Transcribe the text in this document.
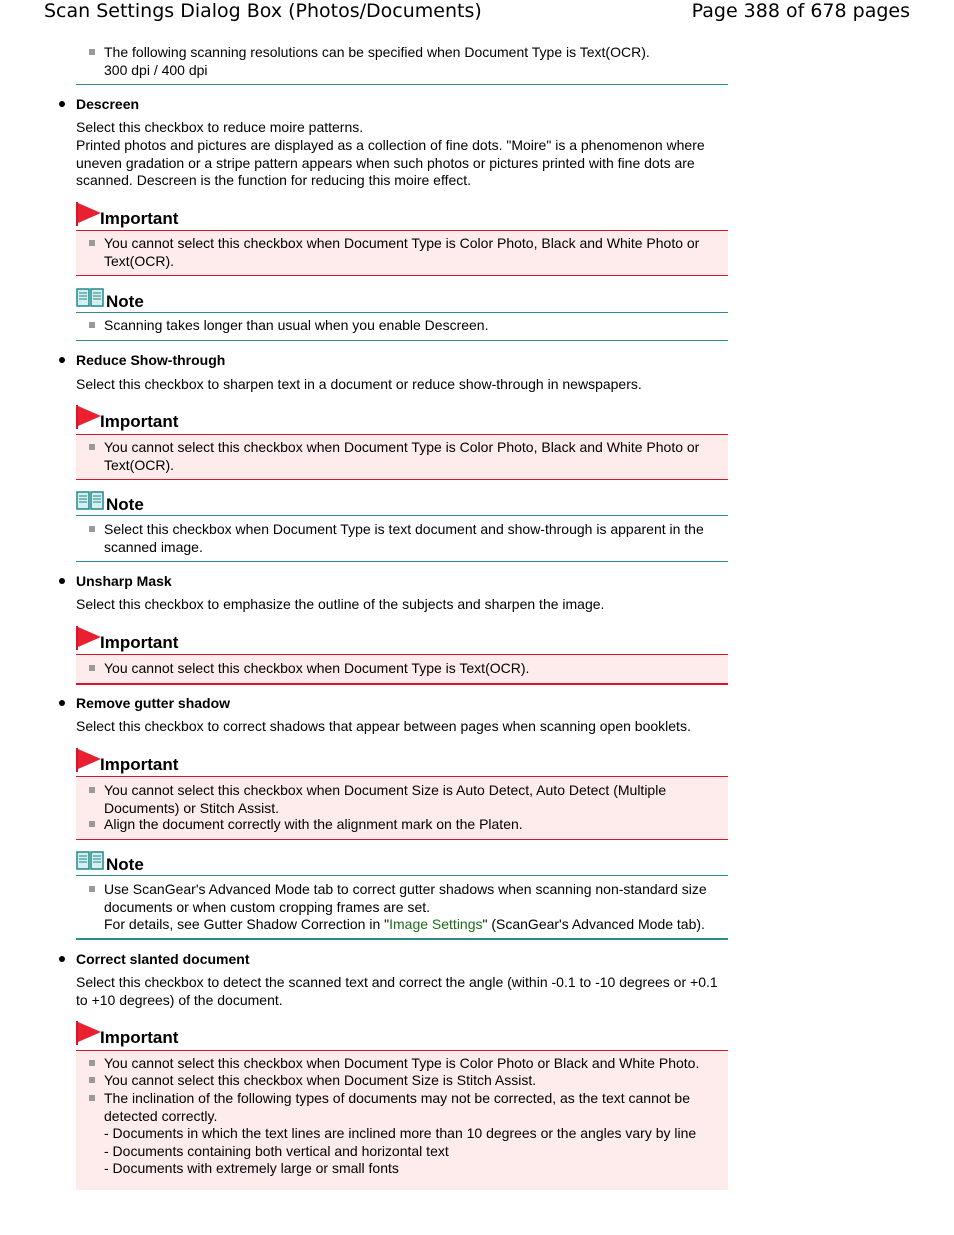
Scan Settings Dialog Box (Photos/Documents)	Page 388 of 678 pages
The following scanning resolutions can be specified when Document Type is Text(OCR).
300 dpi / 400 dpi
Descreen
Select this checkbox to reduce moire patterns.
Printed photos and pictures are displayed as a collection of fine dots. "Moire" is a phenomenon where uneven gradation or a stripe pattern appears when such photos or pictures printed with fine dots are scanned. Descreen is the function for reducing this moire effect.
Important
You cannot select this checkbox when Document Type is Color Photo, Black and White Photo or Text(OCR).
Note
Scanning takes longer than usual when you enable Descreen.
Reduce Show-through
Select this checkbox to sharpen text in a document or reduce show-through in newspapers.
Important
You cannot select this checkbox when Document Type is Color Photo, Black and White Photo or Text(OCR).
Note
Select this checkbox when Document Type is text document and show-through is apparent in the scanned image.
Unsharp Mask
Select this checkbox to emphasize the outline of the subjects and sharpen the image.
Important
You cannot select this checkbox when Document Type is Text(OCR).
Remove gutter shadow
Select this checkbox to correct shadows that appear between pages when scanning open booklets.
Important
You cannot select this checkbox when Document Size is Auto Detect, Auto Detect (Multiple Documents) or Stitch Assist.
Align the document correctly with the alignment mark on the Platen.
Note
Use ScanGear's Advanced Mode tab to correct gutter shadows when scanning non-standard size documents or when custom cropping frames are set.
For details, see Gutter Shadow Correction in "Image Settings" (ScanGear's Advanced Mode tab).
Correct slanted document
Select this checkbox to detect the scanned text and correct the angle (within -0.1 to -10 degrees or +0.1 to +10 degrees) of the document.
Important
You cannot select this checkbox when Document Type is Color Photo or Black and White Photo.
You cannot select this checkbox when Document Size is Stitch Assist.
The inclination of the following types of documents may not be corrected, as the text cannot be detected correctly.
- Documents in which the text lines are inclined more than 10 degrees or the angles vary by line
- Documents containing both vertical and horizontal text
- Documents with extremely large or small fonts
